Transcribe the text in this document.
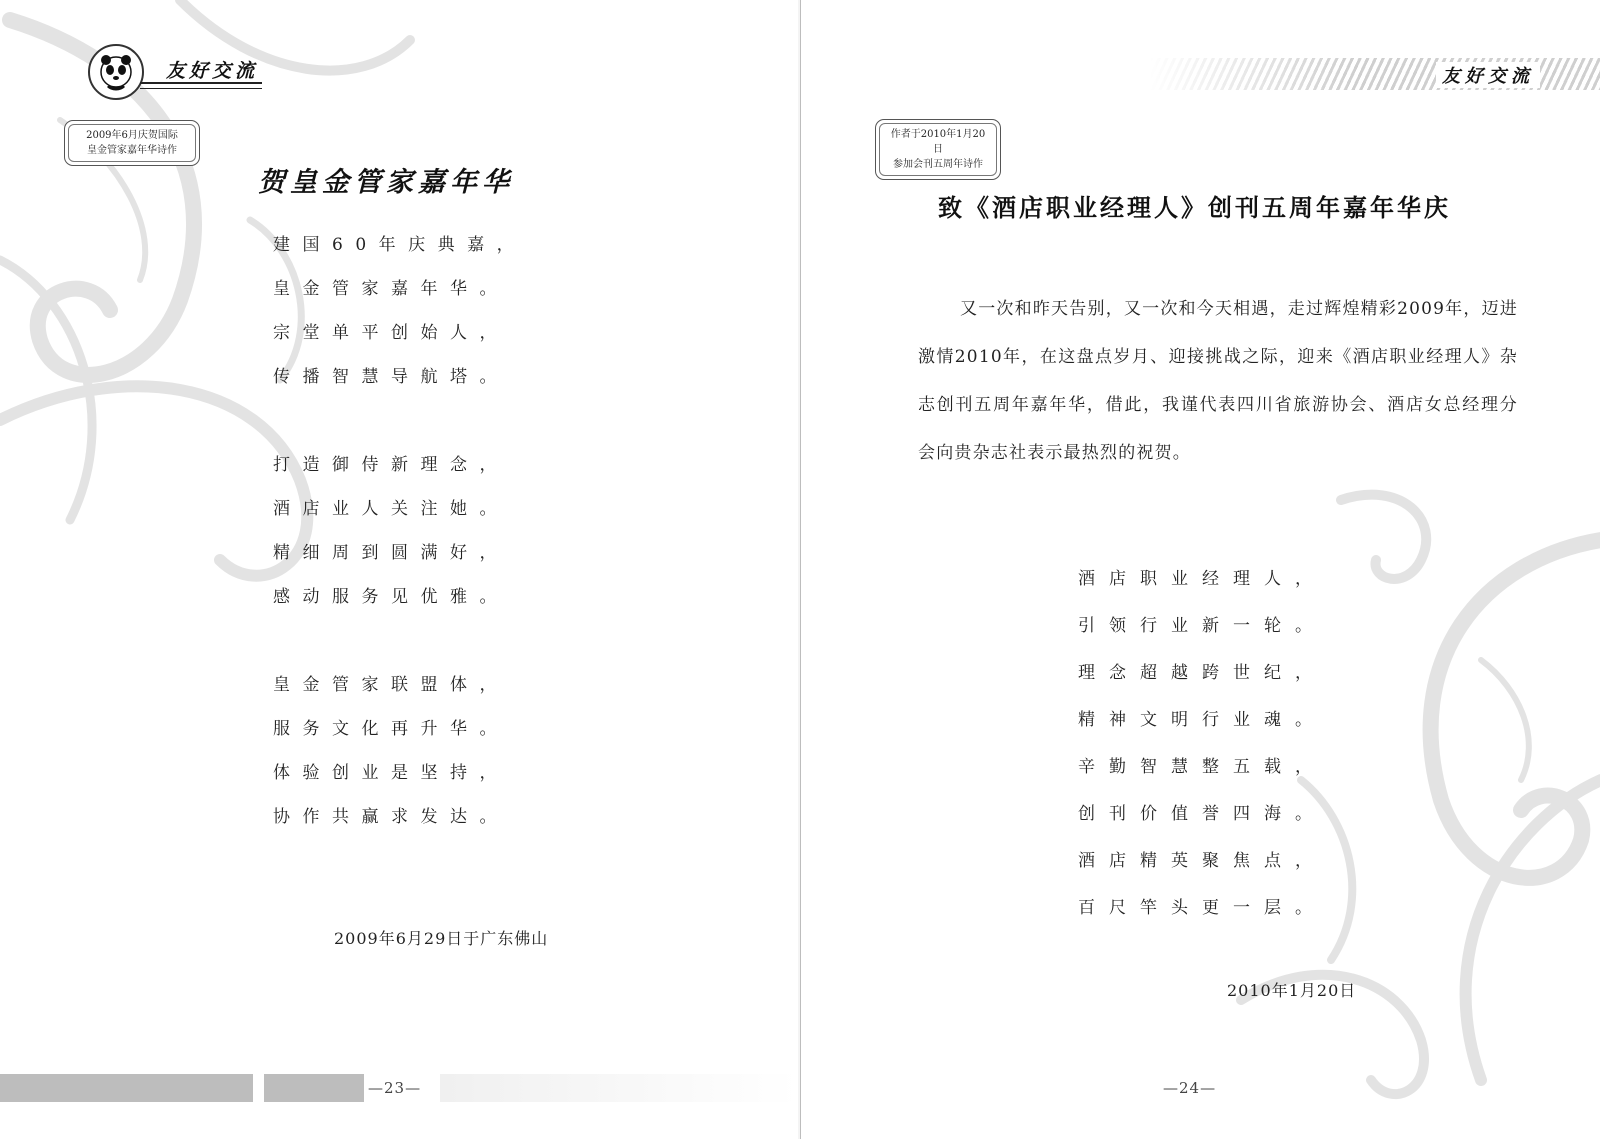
友好交流
2009年6月庆贺国际
皇金管家嘉年华诗作
贺皇金管家嘉年华
建国60年庆典嘉，
皇金管家嘉年华。
宗堂单平创始人，
传播智慧导航塔。
打造御侍新理念，
酒店业人关注她。
精细周到圆满好，
感动服务见优雅。
皇金管家联盟体，
服务文化再升华。
体验创业是坚持，
协作共赢求发达。
2009年6月29日于广东佛山
—23—
作者于2010年1月20日
参加会刊五周年诗作
友好交流
致《酒店职业经理人》创刊五周年嘉年华庆

又一次和昨天告别，又一次和今天相遇，走过辉煌精彩2009年，迈进激情2010年，在这盘点岁月、迎接挑战之际，迎来《酒店职业经理人》杂志创刊五周年嘉年华，借此，我谨代表四川省旅游协会、酒店女总经理分会向贵杂志社表示最热烈的祝贺。

酒店职业经理人，
引领行业新一轮。
理念超越跨世纪，
精神文明行业魂。
辛勤智慧整五载，
创刊价值誉四海。
酒店精英聚焦点，
百尺竿头更一层。
2010年1月20日
—24—
